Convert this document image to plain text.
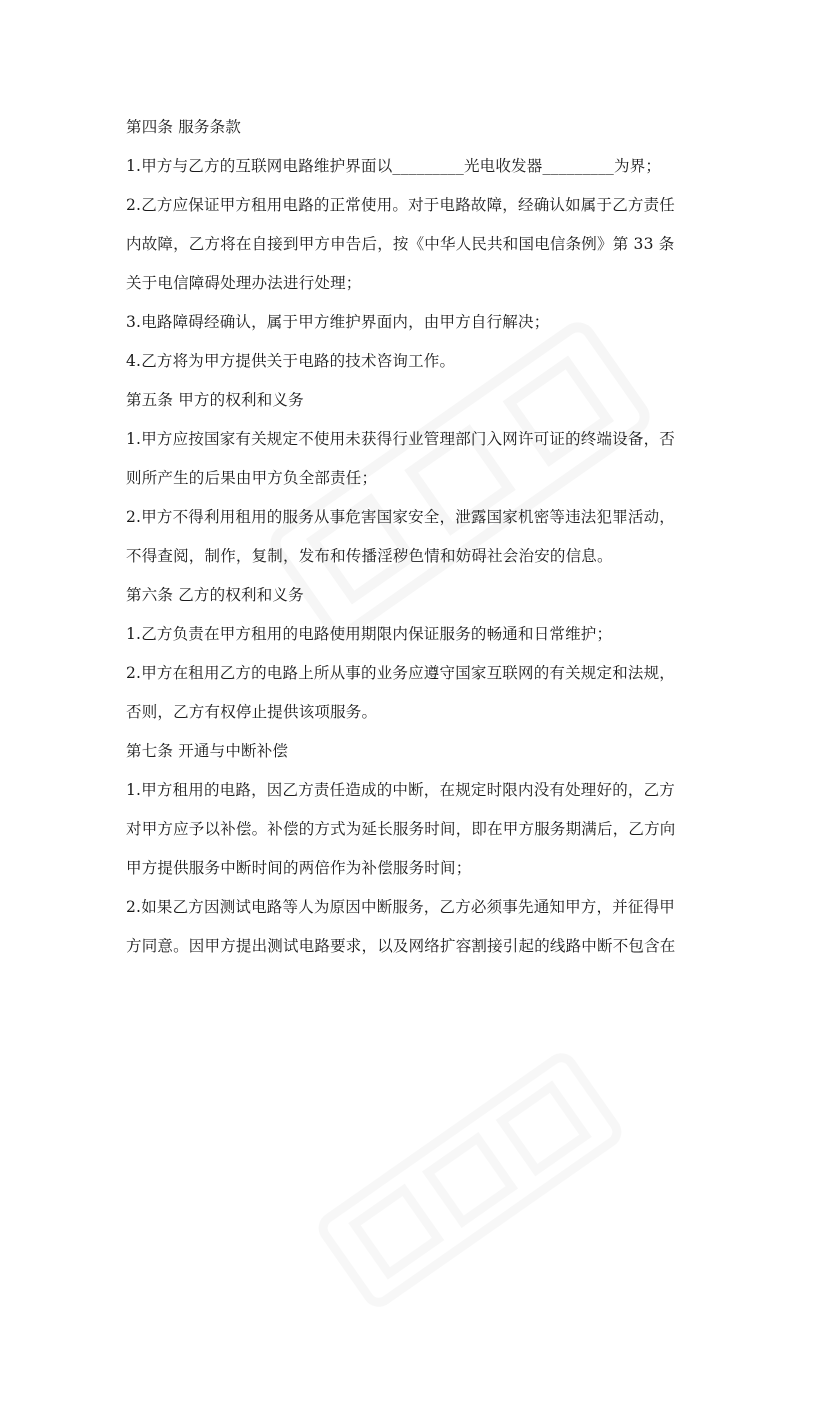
第四条 服务条款
1.甲方与乙方的互联网电路维护界面以_________光电收发器_________为界；
2.乙方应保证甲方租用电路的正常使用。对于电路故障，经确认如属于乙方责任
内故障，乙方将在自接到甲方申告后，按《中华人民共和国电信条例》第 33 条
关于电信障碍处理办法进行处理；
3.电路障碍经确认，属于甲方维护界面内，由甲方自行解决；
4.乙方将为甲方提供关于电路的技术咨询工作。
第五条 甲方的权利和义务
1.甲方应按国家有关规定不使用未获得行业管理部门入网许可证的终端设备，否
则所产生的后果由甲方负全部责任；
2.甲方不得利用租用的服务从事危害国家安全，泄露国家机密等违法犯罪活动，
不得查阅，制作，复制，发布和传播淫秽色情和妨碍社会治安的信息。
第六条 乙方的权利和义务
1.乙方负责在甲方租用的电路使用期限内保证服务的畅通和日常维护；
2.甲方在租用乙方的电路上所从事的业务应遵守国家互联网的有关规定和法规，
否则，乙方有权停止提供该项服务。
第七条 开通与中断补偿
1.甲方租用的电路，因乙方责任造成的中断，在规定时限内没有处理好的，乙方
对甲方应予以补偿。补偿的方式为延长服务时间，即在甲方服务期满后，乙方向
甲方提供服务中断时间的两倍作为补偿服务时间；
2.如果乙方因测试电路等人为原因中断服务，乙方必须事先通知甲方，并征得甲
方同意。因甲方提出测试电路要求，以及网络扩容割接引起的线路中断不包含在
